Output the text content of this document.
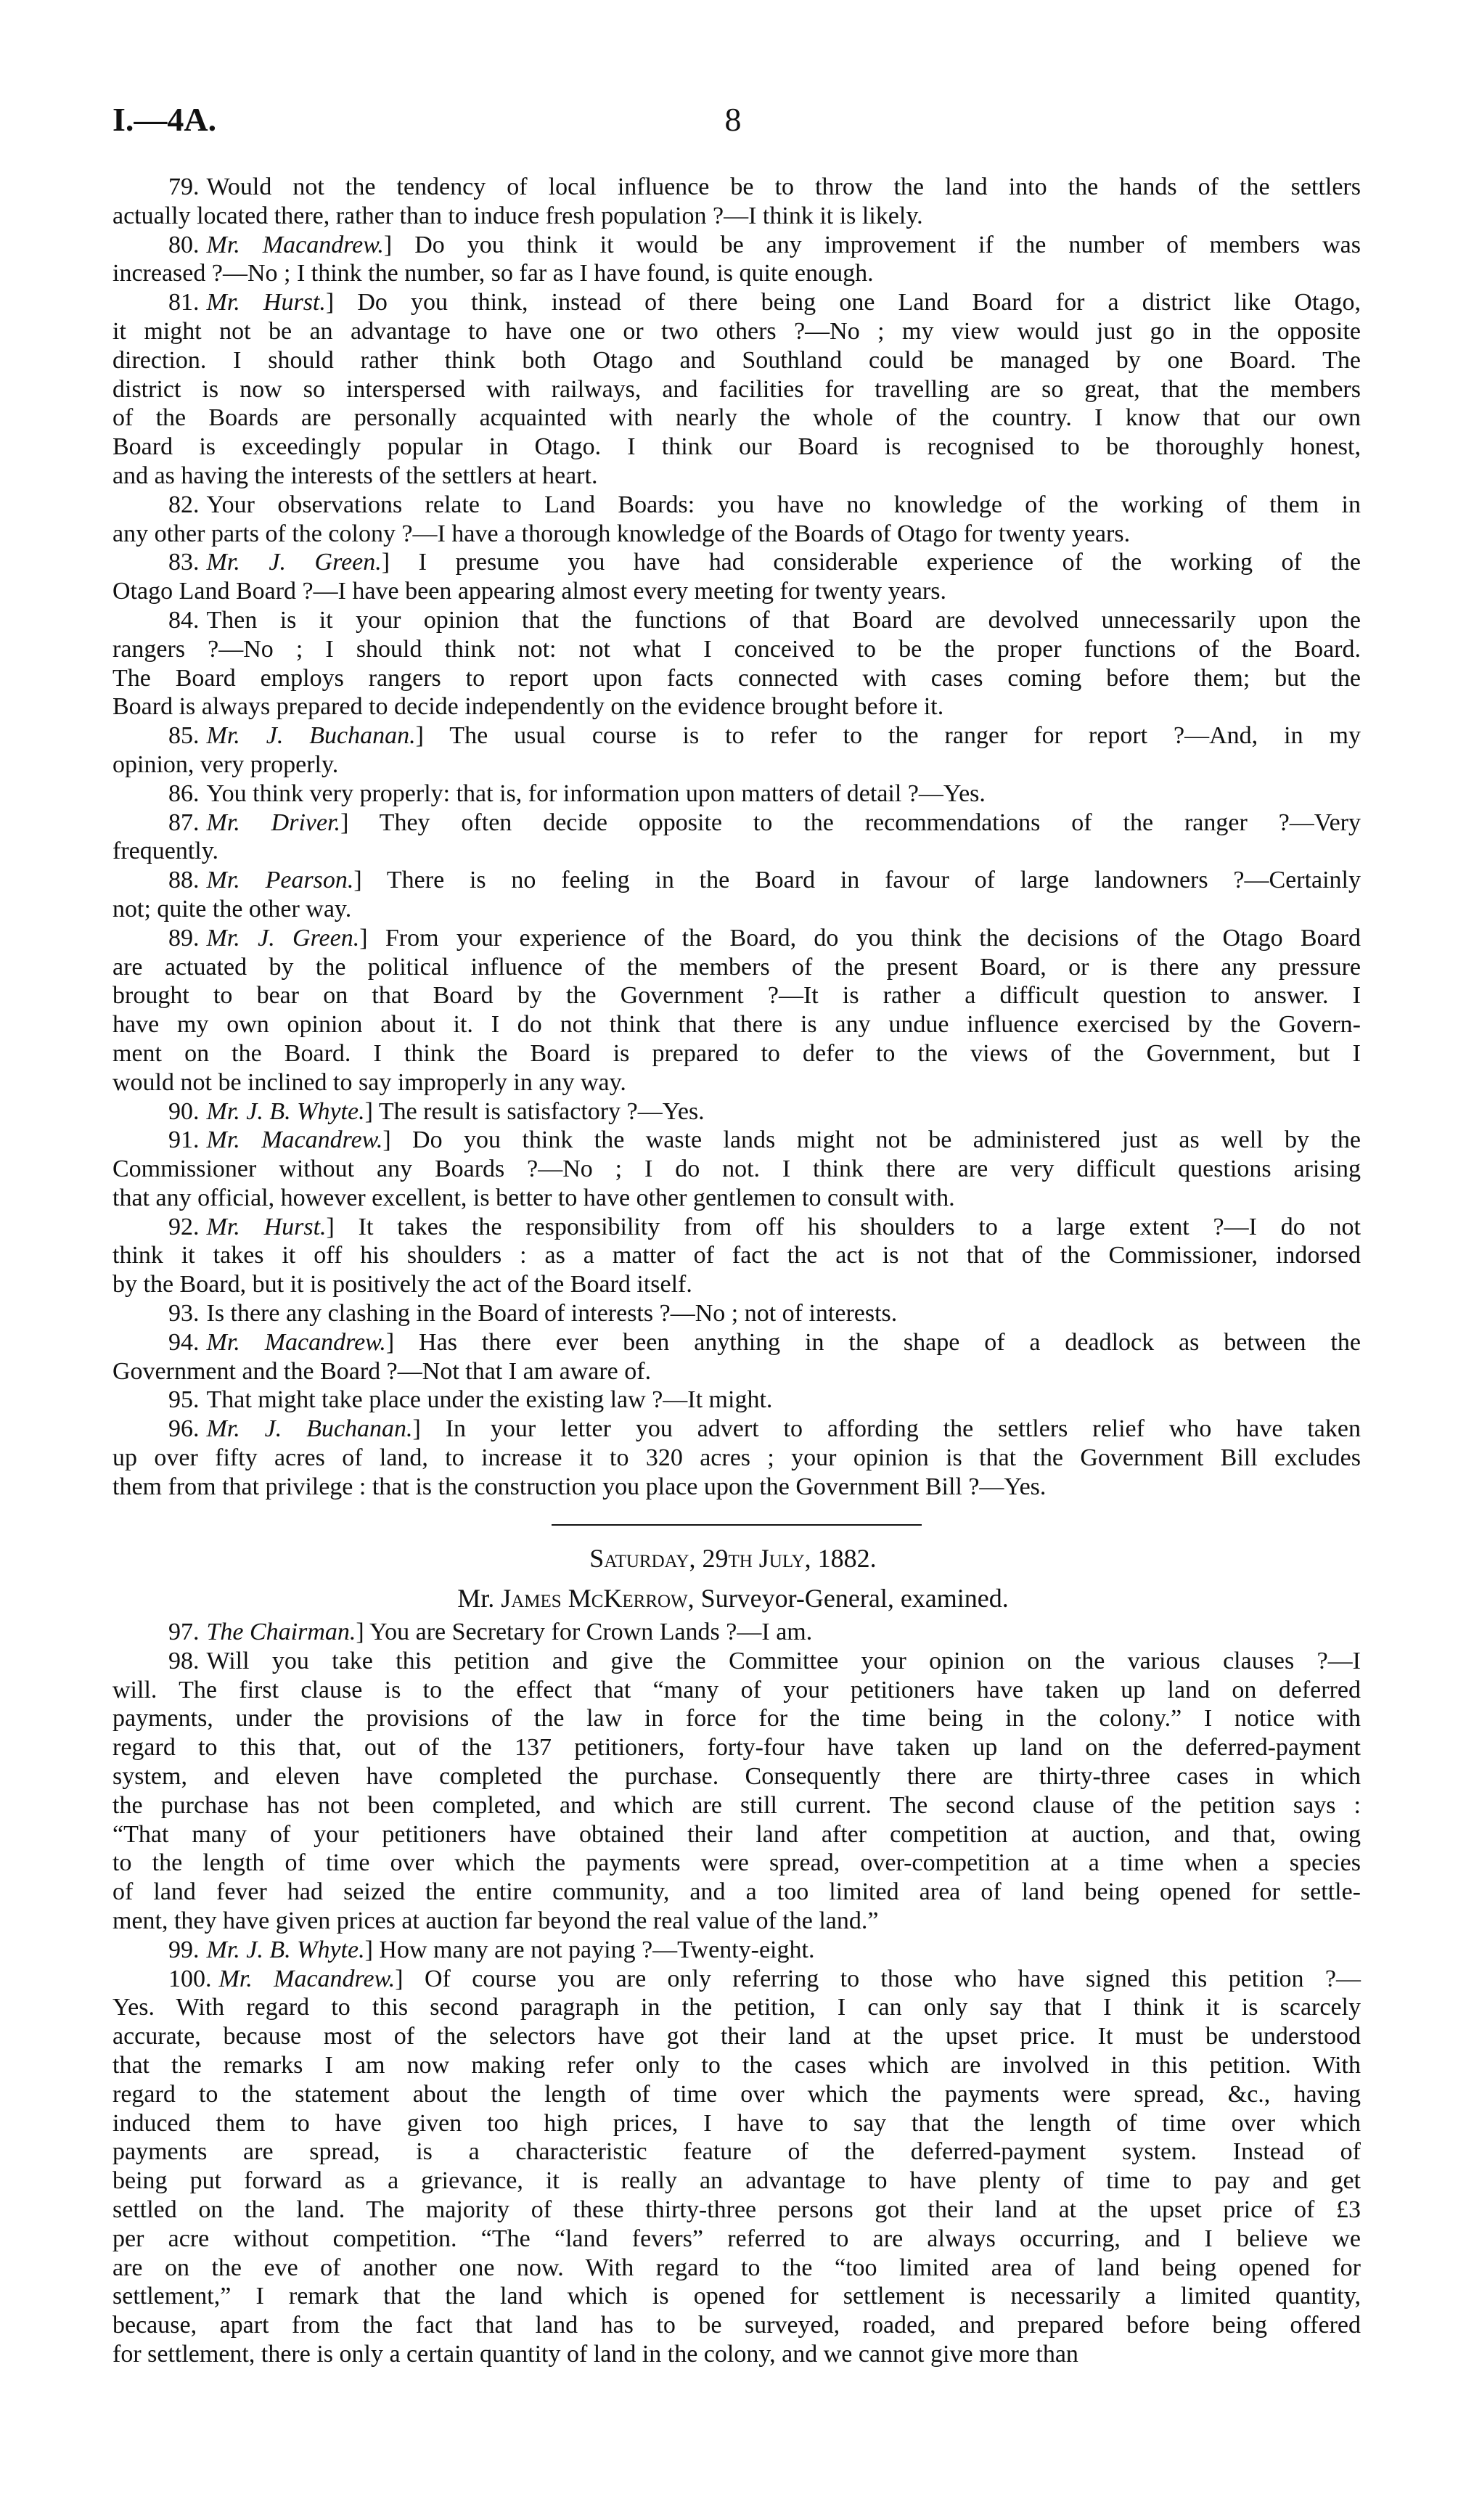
I.—4A.	8
79. Would not the tendency of local influence be to throw the land into the hands of the settlers
actually located there, rather than to induce fresh population ?—I think it is likely.
80. Mr. Macandrew.] Do you think it would be any improvement if the number of members was
increased ?—No ; I think the number, so far as I have found, is quite enough.
81. Mr. Hurst.] Do you think, instead of there being one Land Board for a district like Otago,
it might not be an advantage to have one or two others ?—No ; my view would just go in the opposite
direction. I should rather think both Otago and Southland could be managed by one Board. The
district is now so interspersed with railways, and facilities for travelling are so great, that the members
of the Boards are personally acquainted with nearly the whole of the country. I know that our own
Board is exceedingly popular in Otago. I think our Board is recognised to be thoroughly honest,
and as having the interests of the settlers at heart.
82. Your observations relate to Land Boards: you have no knowledge of the working of them in
any other parts of the colony ?—I have a thorough knowledge of the Boards of Otago for twenty years.
83. Mr. J. Green.] I presume you have had considerable experience of the working of the
Otago Land Board ?—I have been appearing almost every meeting for twenty years.
84. Then is it your opinion that the functions of that Board are devolved unnecessarily upon the
rangers ?—No ; I should think not: not what I conceived to be the proper functions of the Board.
The Board employs rangers to report upon facts connected with cases coming before them; but the
Board is always prepared to decide independently on the evidence brought before it.
85. Mr. J. Buchanan.] The usual course is to refer to the ranger for report ?—And, in my
opinion, very properly.
86. You think very properly: that is, for information upon matters of detail ?—Yes.
87. Mr. Driver.] They often decide opposite to the recommendations of the ranger ?—Very
frequently.
88. Mr. Pearson.] There is no feeling in the Board in favour of large landowners ?—Certainly
not; quite the other way.
89. Mr. J. Green.] From your experience of the Board, do you think the decisions of the Otago Board
are actuated by the political influence of the members of the present Board, or is there any pressure
brought to bear on that Board by the Government ?—It is rather a difficult question to answer. I
have my own opinion about it. I do not think that there is any undue influence exercised by the Govern-
ment on the Board. I think the Board is prepared to defer to the views of the Government, but I
would not be inclined to say improperly in any way.
90. Mr. J. B. Whyte.] The result is satisfactory ?—Yes.
91. Mr. Macandrew.] Do you think the waste lands might not be administered just as well by the
Commissioner without any Boards ?—No ; I do not. I think there are very difficult questions arising
that any official, however excellent, is better to have other gentlemen to consult with.
92. Mr. Hurst.] It takes the responsibility from off his shoulders to a large extent ?—I do not
think it takes it off his shoulders : as a matter of fact the act is not that of the Commissioner, indorsed
by the Board, but it is positively the act of the Board itself.
93. Is there any clashing in the Board of interests ?—No ; not of interests.
94. Mr. Macandrew.] Has there ever been anything in the shape of a deadlock as between the
Government and the Board ?—Not that I am aware of.
95. That might take place under the existing law ?—It might.
96. Mr. J. Buchanan.] In your letter you advert to affording the settlers relief who have taken
up over fifty acres of land, to increase it to 320 acres ; your opinion is that the Government Bill excludes
them from that privilege : that is the construction you place upon the Government Bill ?—Yes.
Saturday, 29th July, 1882.
Mr. James McKerrow, Surveyor-General, examined.
97. The Chairman.] You are Secretary for Crown Lands ?—I am.
98. Will you take this petition and give the Committee your opinion on the various clauses ?—I
will. The first clause is to the effect that “many of your petitioners have taken up land on deferred
payments, under the provisions of the law in force for the time being in the colony.” I notice with
regard to this that, out of the 137 petitioners, forty-four have taken up land on the deferred-payment
system, and eleven have completed the purchase. Consequently there are thirty-three cases in which
the purchase has not been completed, and which are still current. The second clause of the petition says :
“That many of your petitioners have obtained their land after competition at auction, and that, owing
to the length of time over which the payments were spread, over-competition at a time when a species
of land fever had seized the entire community, and a too limited area of land being opened for settle-
ment, they have given prices at auction far beyond the real value of the land.”
99. Mr. J. B. Whyte.] How many are not paying ?—Twenty-eight.
100. Mr. Macandrew.] Of course you are only referring to those who have signed this petition ?—
Yes. With regard to this second paragraph in the petition, I can only say that I think it is scarcely
accurate, because most of the selectors have got their land at the upset price. It must be understood
that the remarks I am now making refer only to the cases which are involved in this petition. With
regard to the statement about the length of time over which the payments were spread, &c., having
induced them to have given too high prices, I have to say that the length of time over which
payments are spread, is a characteristic feature of the deferred-payment system. Instead of
being put forward as a grievance, it is really an advantage to have plenty of time to pay and get
settled on the land. The majority of these thirty-three persons got their land at the upset price of £3
per acre without competition. “The “land fevers” referred to are always occurring, and I believe we
are on the eve of another one now. With regard to the “too limited area of land being opened for
settlement,” I remark that the land which is opened for settlement is necessarily a limited quantity,
because, apart from the fact that land has to be surveyed, roaded, and prepared before being offered
for settlement, there is only a certain quantity of land in the colony, and we cannot give more than
